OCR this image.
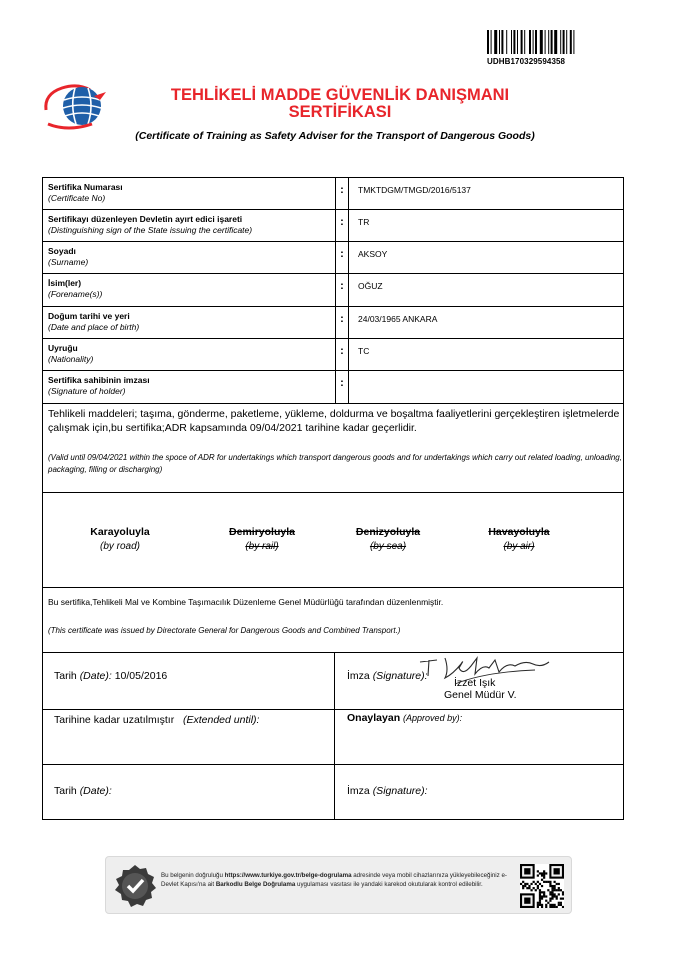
UDHB170329594358
TEHLİKELİ MADDE GÜVENLİK DANIŞMANI
SERTİFİKASI
(Certificate of Training as Safety Adviser for the Transport of Dangerous Goods)
Sertifika Numarası
(Certificate No)
:	TMKTDGM/TMGD/2016/5137
Sertifikayı düzenleyen Devletin ayırt edici işareti
(Distinguishing sign of the State issuing the certificate)
:	TR
Soyadı
(Surname)
:	AKSOY
İsim(ler)
(Forename(s))
:	OĞUZ
Doğum tarihi ve yeri
(Date and place of birth)
:	24/03/1965 ANKARA
Uyruğu
(Nationality)
:	TC
Sertifika sahibinin imzası
(Signature of holder)
:
Tehlikeli maddeleri; taşıma, gönderme, paketleme, yükleme, doldurma ve boşaltma faaliyetlerini gerçekleştiren işletmelerde çalışmak için,bu sertifika;ADR kapsamında 09/04/2021 tarihine kadar geçerlidir.
(Valid until 09/04/2021 within the spoce of ADR for undertakings which transport dangerous goods and for undertakings which carry out related loading, unloading, packaging, filling or discharging)
Karayoluyla
(by road)
Demiryoluyla
(by rail)
Denizyoluyla
(by sea)
Havayoluyla
(by air)
Bu sertifika,Tehlikeli Mal ve Kombine Taşımacılık Düzenleme Genel Müdürlüğü tarafından düzenlenmiştir.
(This certificate was issued by Directorate General for Dangerous Goods and Combined Transport.)
Tarih (Date): 10/05/2016	İmza (Signature):
İzzet Işık
Genel Müdür V.
Tarihine kadar uzatılmıştır (Extended until):	Onaylayan (Approved by):
Tarih (Date):	İmza (Signature):
Bu belgenin doğruluğu https://www.turkiye.gov.tr/belge-dogrulama adresinde veya mobil cihazlarınıza yükleyebileceğiniz e-Devlet Kapısı'na ait Barkodlu Belge Doğrulama uygulaması vasıtası ile yandaki karekod okutularak kontrol edilebilir.
